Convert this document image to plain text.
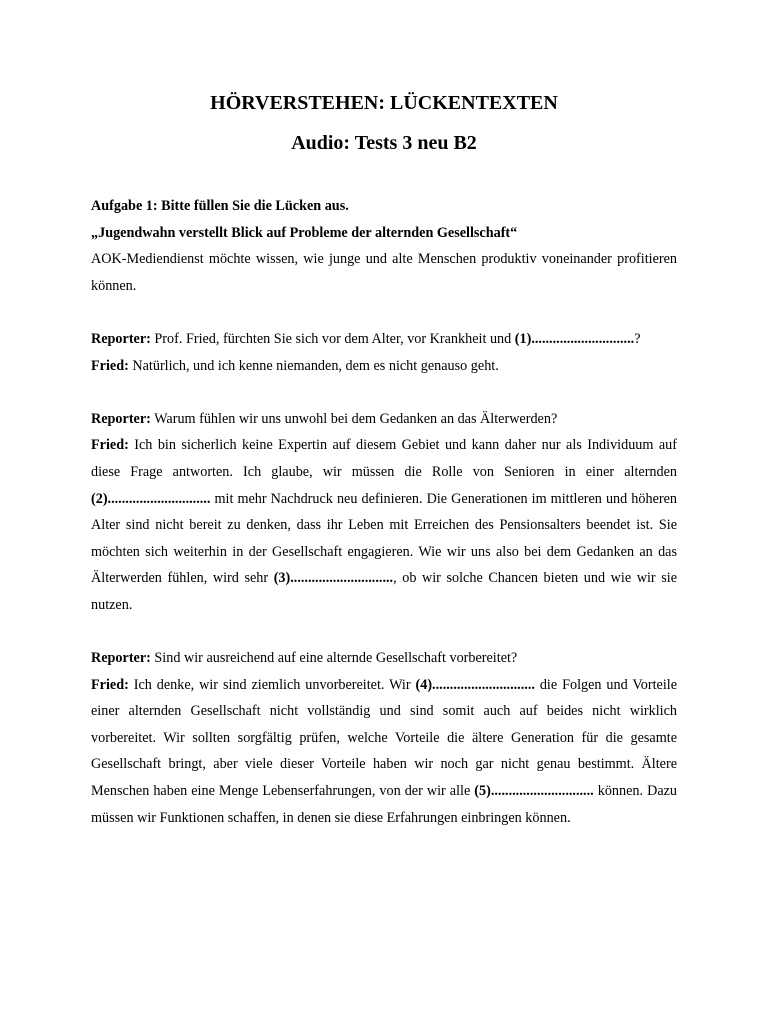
HÖRVERSTEHEN: LÜCKENTEXTEN
Audio: Tests 3 neu B2

Aufgabe 1: Bitte füllen Sie die Lücken aus.

„Jugendwahn verstellt Blick auf Probleme der alternden Gesellschaft“

AOK-Mediendienst möchte wissen, wie junge und alte Menschen produktiv voneinander profitieren können.

Reporter: Prof. Fried, fürchten Sie sich vor dem Alter, vor Krankheit und (1).............................?

Fried: Natürlich, und ich kenne niemanden, dem es nicht genauso geht.

Reporter: Warum fühlen wir uns unwohl bei dem Gedanken an das Älterwerden?

Fried: Ich bin sicherlich keine Expertin auf diesem Gebiet und kann daher nur als Individuum auf diese Frage antworten. Ich glaube, wir müssen die Rolle von Senioren in einer alternden (2)............................. mit mehr Nachdruck neu definieren. Die Generationen im mittleren und höheren Alter sind nicht bereit zu denken, dass ihr Leben mit Erreichen des Pensionsalters beendet ist. Sie möchten sich weiterhin in der Gesellschaft engagieren. Wie wir uns also bei dem Gedanken an das Älterwerden fühlen, wird sehr (3)............................., ob wir solche Chancen bieten und wie wir sie nutzen.

Reporter: Sind wir ausreichend auf eine alternde Gesellschaft vorbereitet?

Fried: Ich denke, wir sind ziemlich unvorbereitet. Wir (4)............................. die Folgen und Vorteile einer alternden Gesellschaft nicht vollständig und sind somit auch auf beides nicht wirklich vorbereitet. Wir sollten sorgfältig prüfen, welche Vorteile die ältere Generation für die gesamte Gesellschaft bringt, aber viele dieser Vorteile haben wir noch gar nicht genau bestimmt. Ältere Menschen haben eine Menge Lebenserfahrungen, von der wir alle (5)............................. können. Dazu müssen wir Funktionen schaffen, in denen sie diese Erfahrungen einbringen können.
